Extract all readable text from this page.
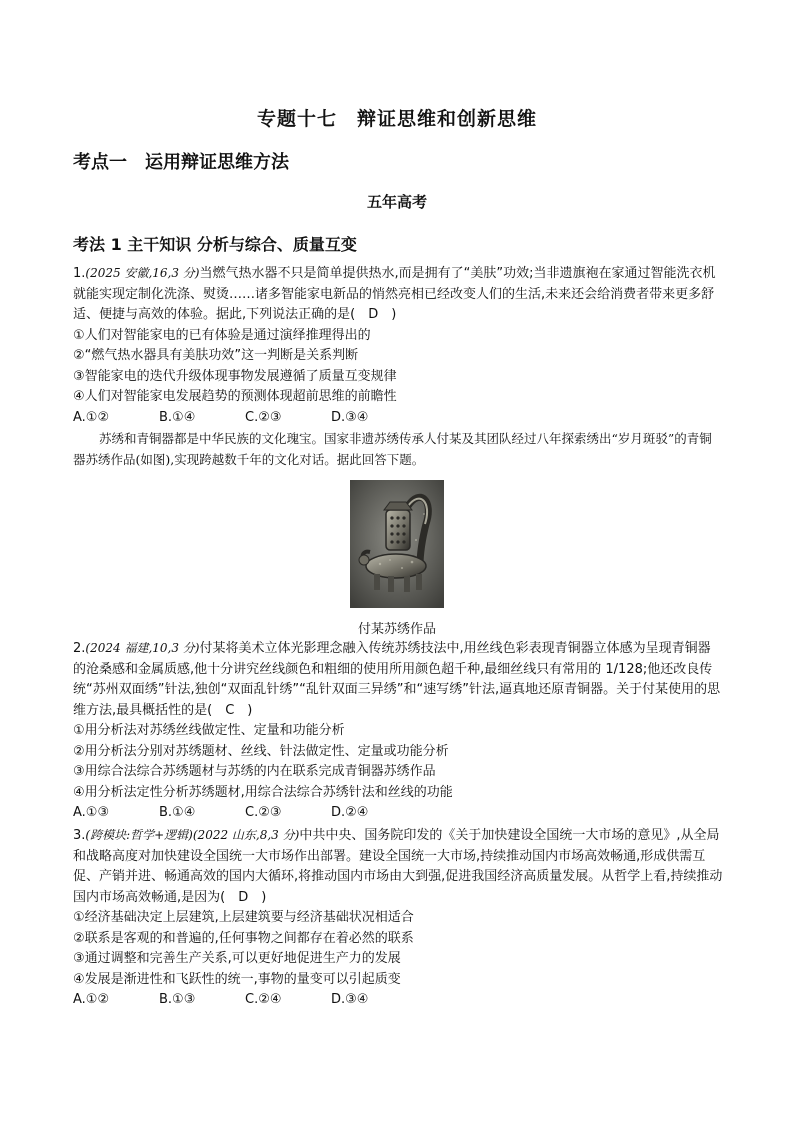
专题十七　辩证思维和创新思维
考点一　运用辩证思维方法
五年高考
考法 1 主干知识 分析与综合、质量互变

1.(2025 安徽,16,3 分)当燃气热水器不只是简单提供热水,而是拥有了“美肤”功效;当非遗旗袍在家通过智能洗衣机就能实现定制化洗涤、熨烫……诸多智能家电新品的悄然亮相已经改变人们的生活,未来还会给消费者带来更多舒适、便捷与高效的体验。据此,下列说法正确的是(　D　)

①人们对智能家电的已有体验是通过演绎推理得出的

②“燃气热水器具有美肤功效”这一判断是关系判断

③智能家电的迭代升级体现事物发展遵循了质量互变规律

④人们对智能家电发展趋势的预测体现超前思维的前瞻性

A.①②	B.①④	C.②③	D.③④

苏绣和青铜器都是中华民族的文化瑰宝。国家非遗苏绣传承人付某及其团队经过八年探索绣出“岁月斑驳”的青铜器苏绣作品(如图),实现跨越数千年的文化对话。据此回答下题。

付某苏绣作品

2.(2024 福建,10,3 分)付某将美术立体光影理念融入传统苏绣技法中,用丝线色彩表现青铜器立体感为呈现青铜器的沧桑感和金属质感,他十分讲究丝线颜色和粗细的使用所用颜色超千种,最细丝线只有常用的 1/128;他还改良传统“苏州双面绣”针法,独创“双面乱针绣”“乱针双面三异绣”和“速写绣”针法,逼真地还原青铜器。关于付某使用的思维方法,最具概括性的是(　C　)

①用分析法对苏绣丝线做定性、定量和功能分析

②用分析法分别对苏绣题材、丝线、针法做定性、定量或功能分析

③用综合法综合苏绣题材与苏绣的内在联系完成青铜器苏绣作品

④用分析法定性分析苏绣题材,用综合法综合苏绣针法和丝线的功能

A.①③	B.①④	C.②③	D.②④

3.(跨模块:哲学+逻辑)(2022 山东,8,3 分)中共中央、国务院印发的《关于加快建设全国统一大市场的意见》,从全局和战略高度对加快建设全国统一大市场作出部署。建设全国统一大市场,持续推动国内市场高效畅通,形成供需互促、产销并进、畅通高效的国内大循环,将推动国内市场由大到强,促进我国经济高质量发展。从哲学上看,持续推动国内市场高效畅通,是因为(　D　)

①经济基础决定上层建筑,上层建筑要与经济基础状况相适合

②联系是客观的和普遍的,任何事物之间都存在着必然的联系

③通过调整和完善生产关系,可以更好地促进生产力的发展

④发展是渐进性和飞跃性的统一,事物的量变可以引起质变

A.①②	B.①③	C.②④	D.③④
